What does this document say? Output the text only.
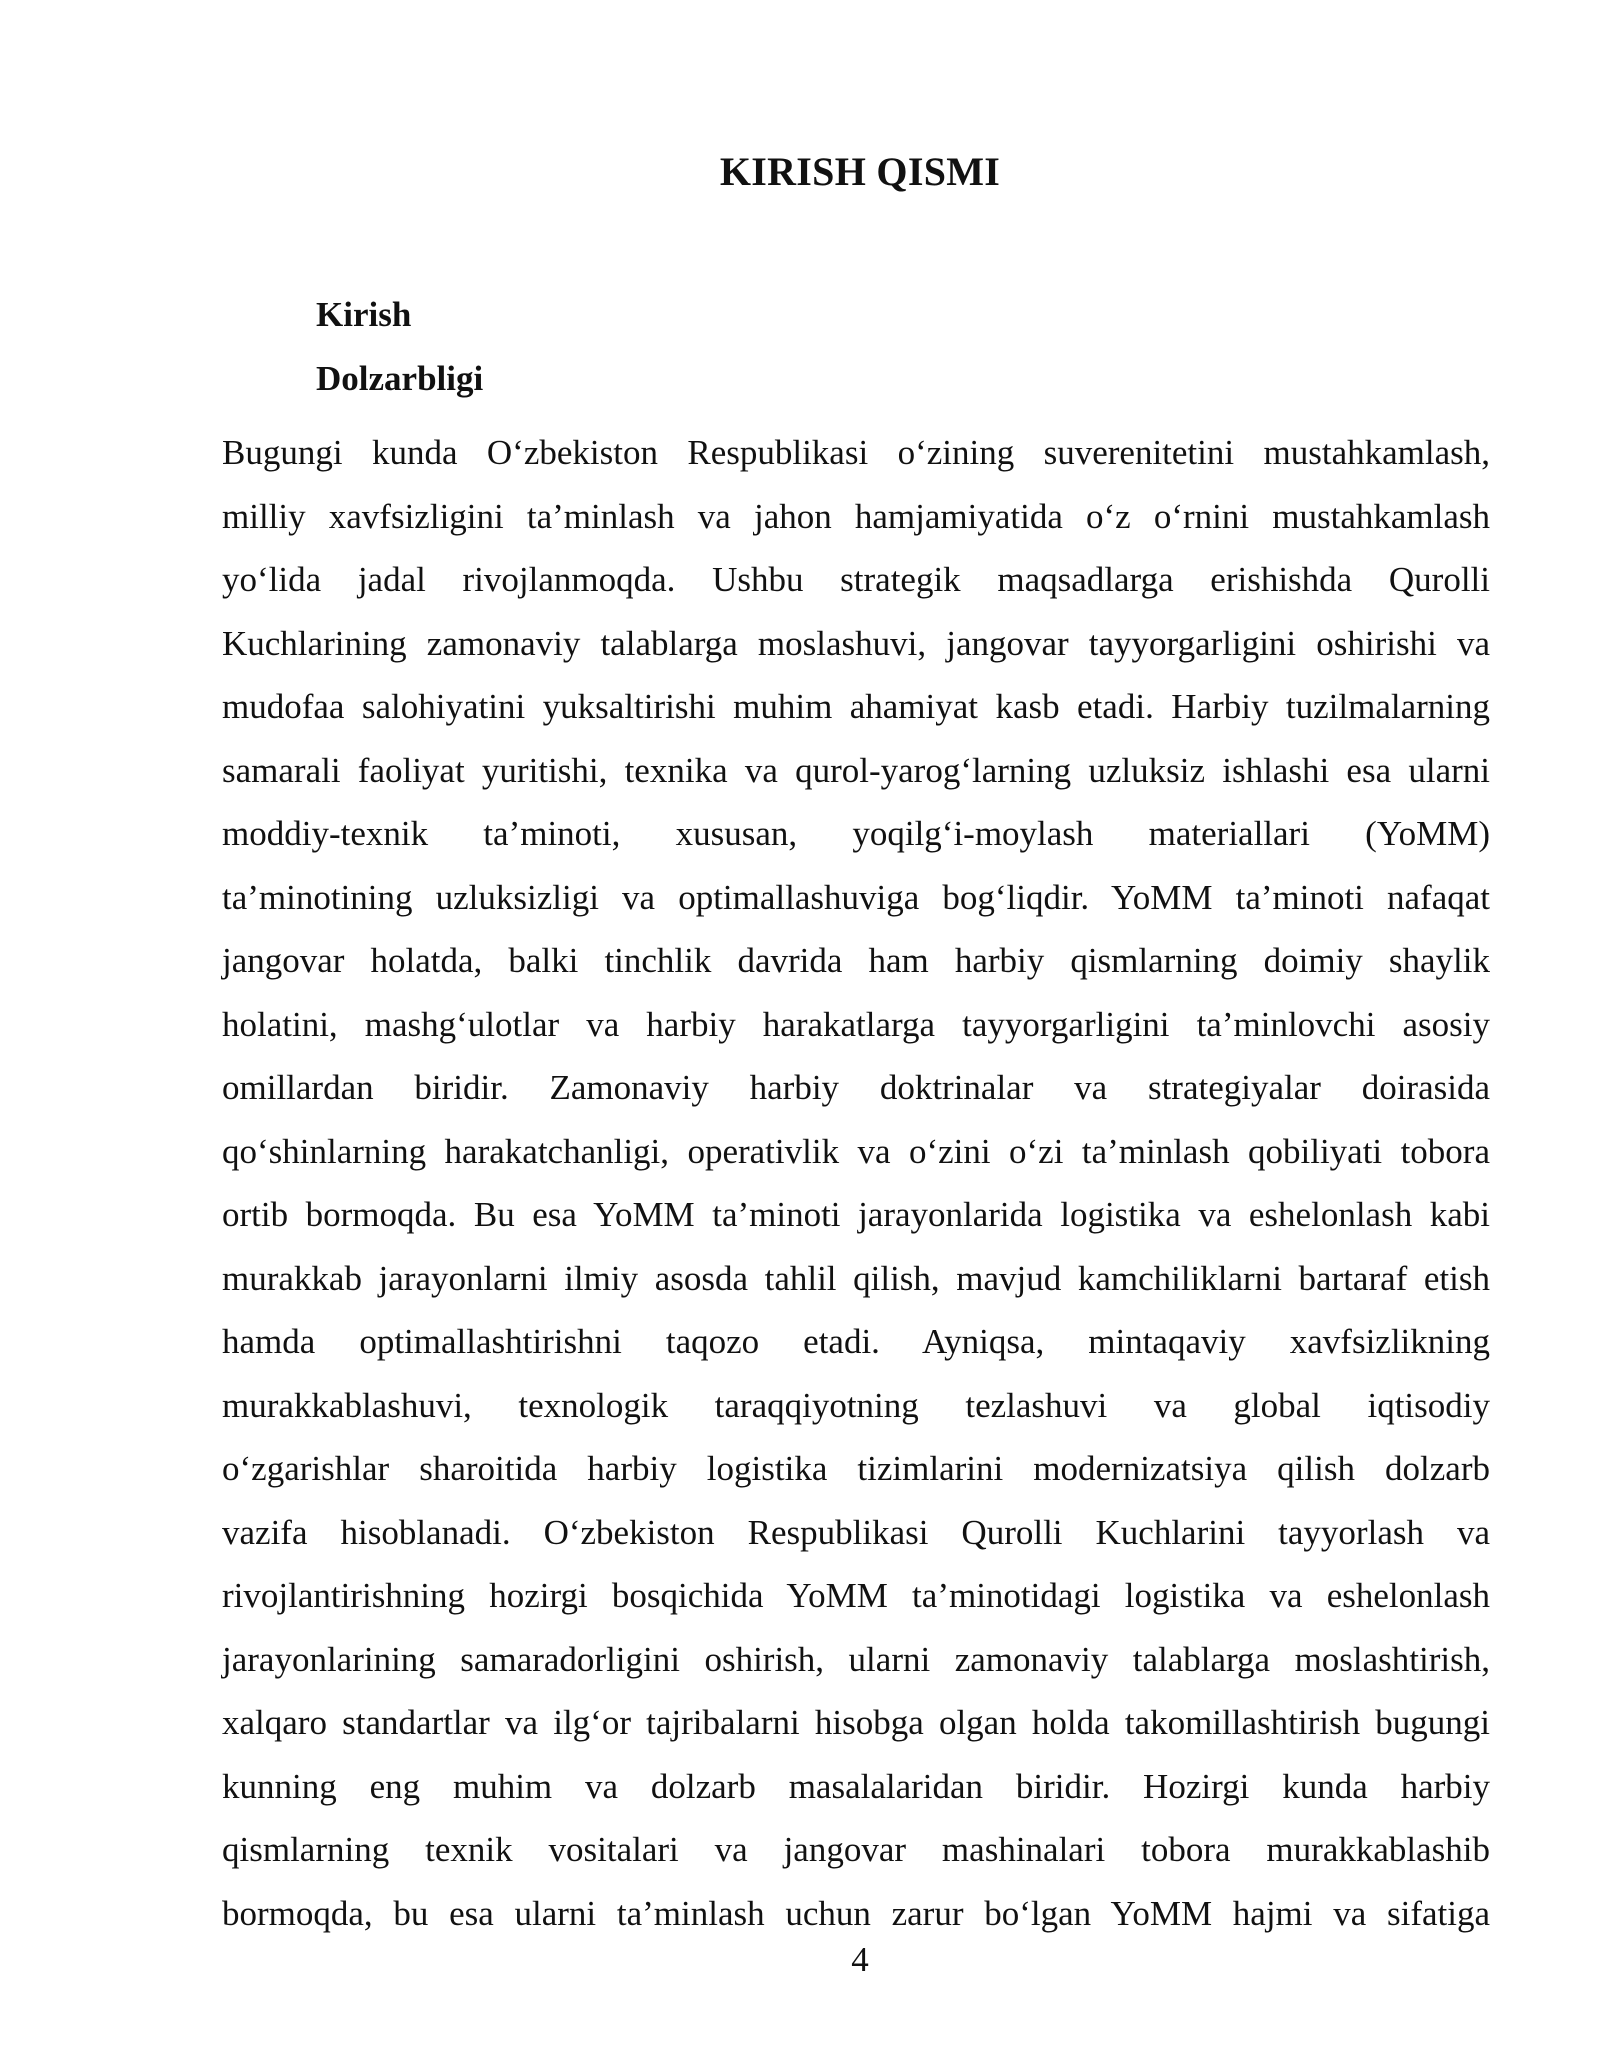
KIRISH QISMI
Kirish
Dolzarbligi
Bugungi kunda O‘zbekiston Respublikasi o‘zining suverenitetini mustahkamlash,
milliy xavfsizligini ta’minlash va jahon hamjamiyatida o‘z o‘rnini mustahkamlash
yo‘lida jadal rivojlanmoqda. Ushbu strategik maqsadlarga erishishda Qurolli
Kuchlarining zamonaviy talablarga moslashuvi, jangovar tayyorgarligini oshirishi va
mudofaa salohiyatini yuksaltirishi muhim ahamiyat kasb etadi. Harbiy tuzilmalarning
samarali faoliyat yuritishi, texnika va qurol-yarog‘larning uzluksiz ishlashi esa ularni
moddiy-texnik ta’minoti, xususan, yoqilg‘i-moylash materiallari (YoMM)
ta’minotining uzluksizligi va optimallashuviga bog‘liqdir. YoMM ta’minoti nafaqat
jangovar holatda, balki tinchlik davrida ham harbiy qismlarning doimiy shaylik
holatini, mashg‘ulotlar va harbiy harakatlarga tayyorgarligini ta’minlovchi asosiy
omillardan biridir. Zamonaviy harbiy doktrinalar va strategiyalar doirasida
qo‘shinlarning harakatchanligi, operativlik va o‘zini o‘zi ta’minlash qobiliyati tobora
ortib bormoqda. Bu esa YoMM ta’minoti jarayonlarida logistika va eshelonlash kabi
murakkab jarayonlarni ilmiy asosda tahlil qilish, mavjud kamchiliklarni bartaraf etish
hamda optimallashtirishni taqozo etadi. Ayniqsa, mintaqaviy xavfsizlikning
murakkablashuvi, texnologik taraqqiyotning tezlashuvi va global iqtisodiy
o‘zgarishlar sharoitida harbiy logistika tizimlarini modernizatsiya qilish dolzarb
vazifa hisoblanadi. O‘zbekiston Respublikasi Qurolli Kuchlarini tayyorlash va
rivojlantirishning hozirgi bosqichida YoMM ta’minotidagi logistika va eshelonlash
jarayonlarining samaradorligini oshirish, ularni zamonaviy talablarga moslashtirish,
xalqaro standartlar va ilg‘or tajribalarni hisobga olgan holda takomillashtirish bugungi
kunning eng muhim va dolzarb masalalaridan biridir. Hozirgi kunda harbiy
qismlarning texnik vositalari va jangovar mashinalari tobora murakkablashib
bormoqda, bu esa ularni ta’minlash uchun zarur bo‘lgan YoMM hajmi va sifatiga
4
